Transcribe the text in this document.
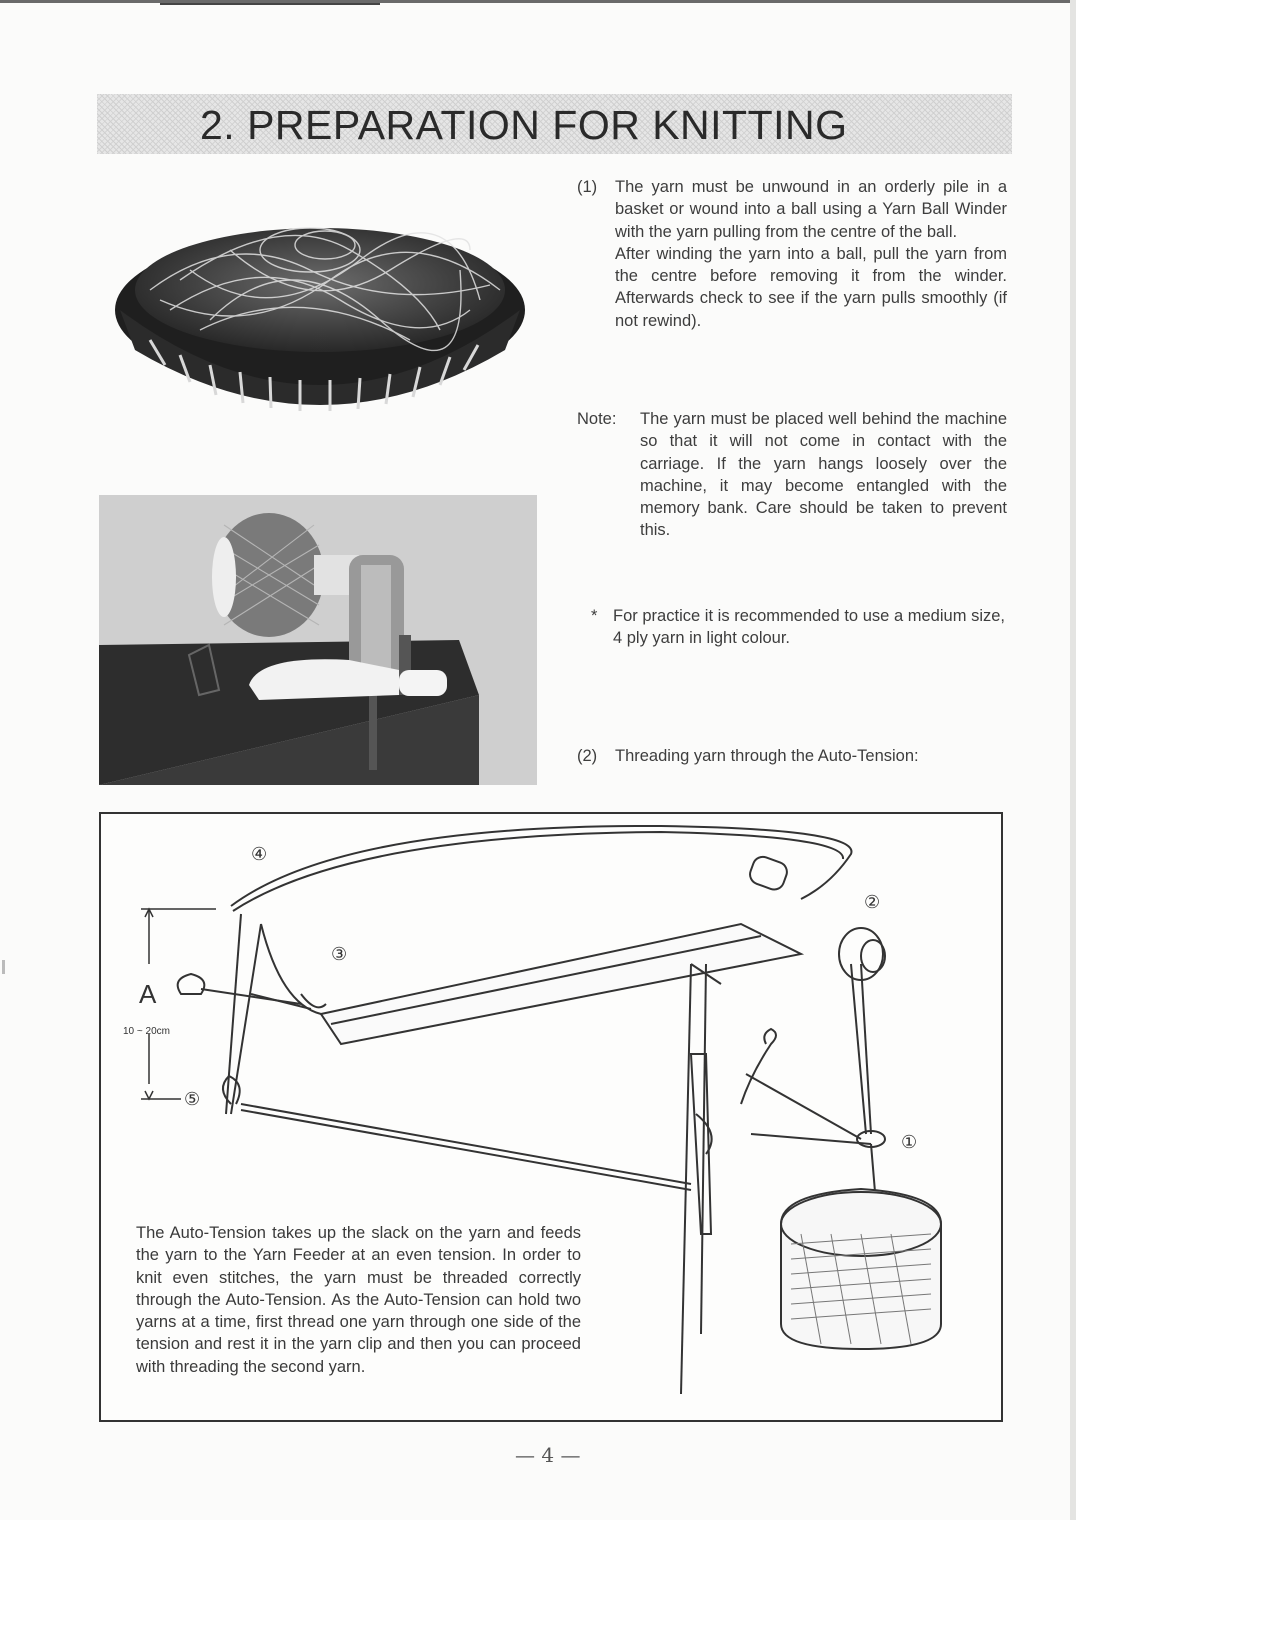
2. PREPARATION FOR KNITTING
(1) The yarn must be unwound in an orderly pile in a basket or wound into a ball using a Yarn Ball Winder with the yarn pulling from the centre of the ball.
After winding the yarn into a ball, pull the yarn from the centre before removing it from the winder. Afterwards check to see if the yarn pulls smoothly (if not rewind).
Note: The yarn must be placed well behind the machine so that it will not come in contact with the carriage. If the yarn hangs loosely over the machine, it may become entangled with the memory bank. Care should be taken to prevent this.
* For practice it is recommended to use a medium size, 4 ply yarn in light colour.
(2) Threading yarn through the Auto-Tension:
④
②
③
⑤
①
A
10 ~ 20cm
The Auto-Tension takes up the slack on the yarn and feeds the yarn to the Yarn Feeder at an even tension. In order to knit even stitches, the yarn must be threaded correctly through the Auto-Tension. As the Auto-Tension can hold two yarns at a time, first thread one yarn through one side of the tension and rest it in the yarn clip and then you can proceed with threading the second yarn.
— 4 —
